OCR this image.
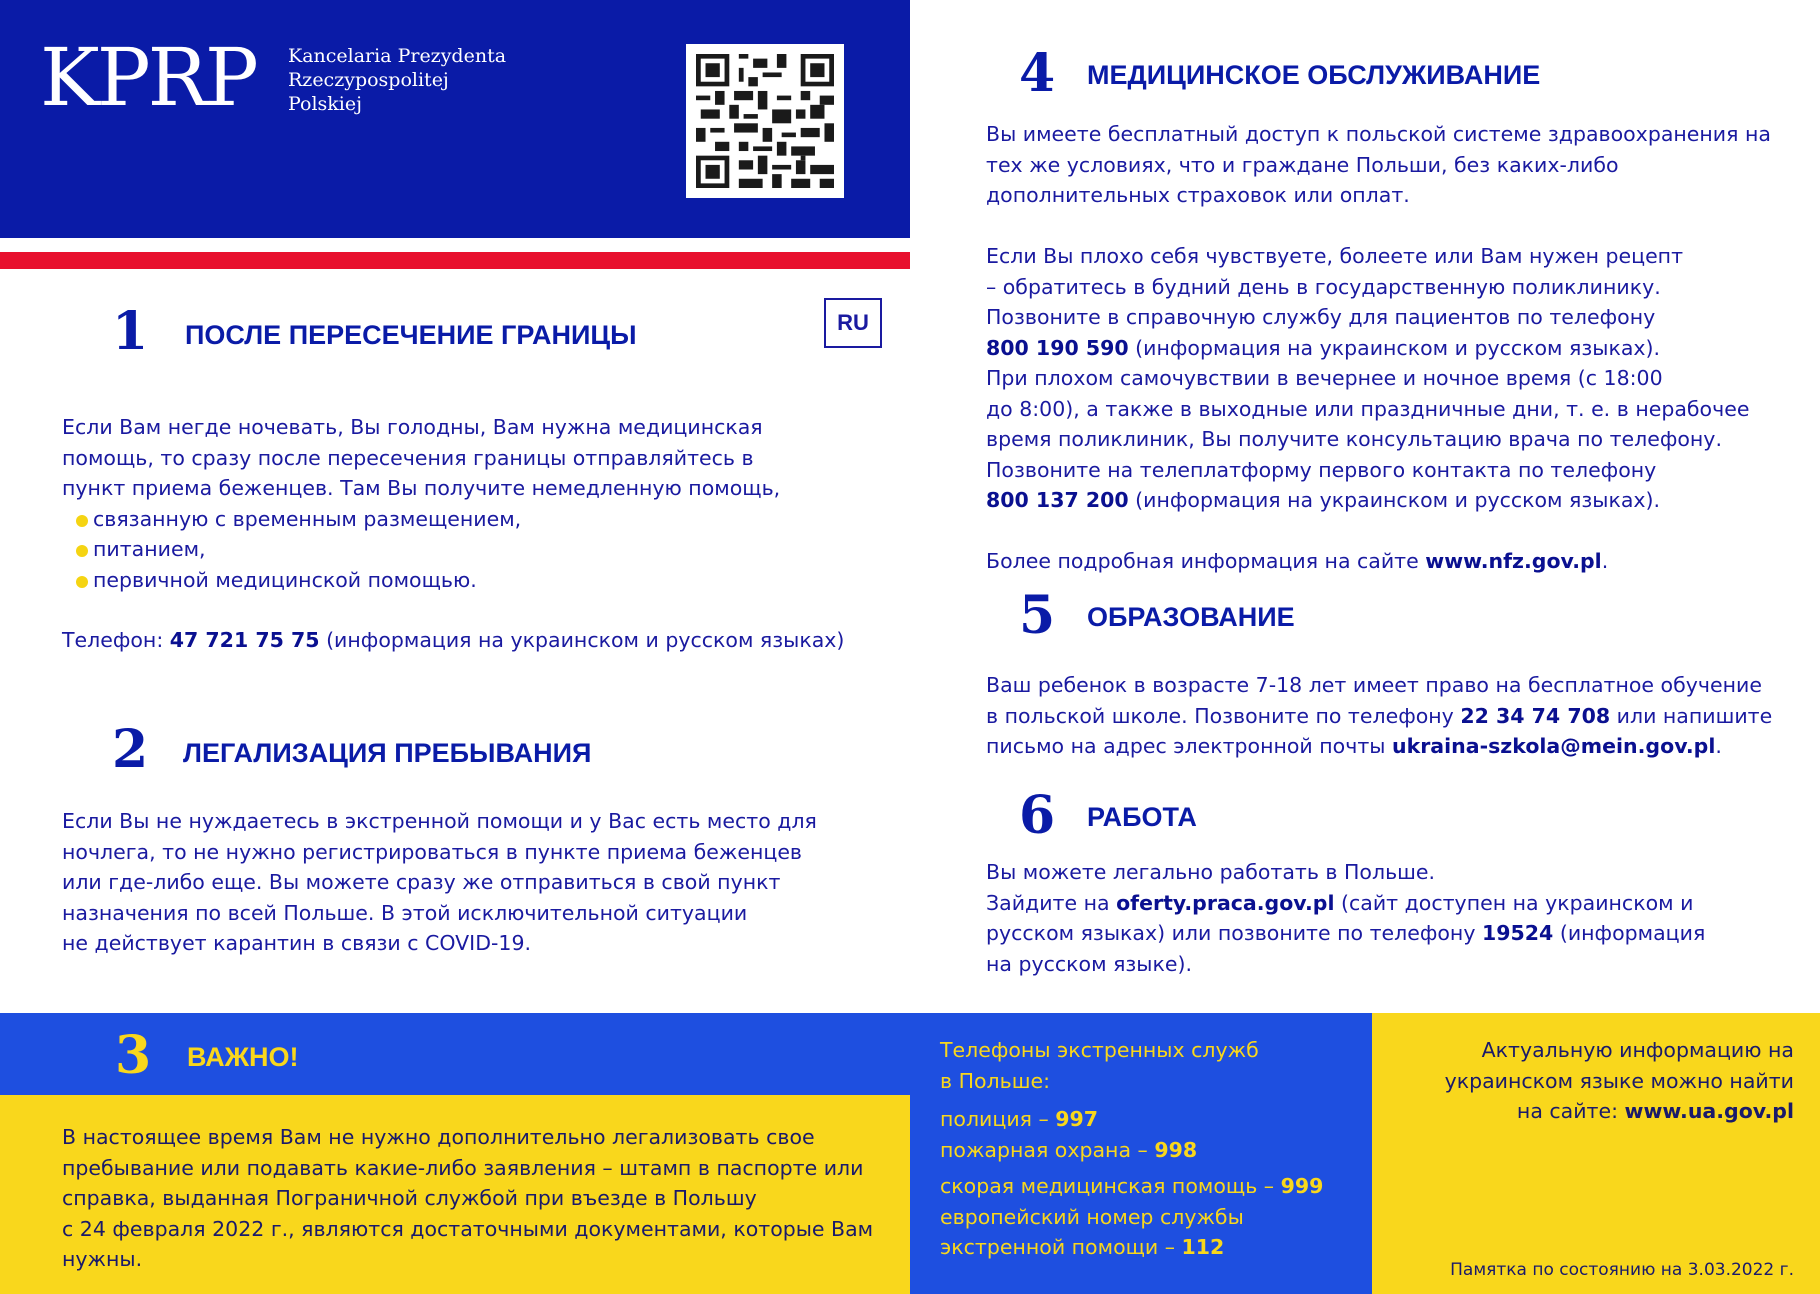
KPRP Kancelaria Prezydenta
Rzeczypospolitej
Polskiej
1 ПОСЛЕ ПЕРЕСЕЧЕНИЕ ГРАНИЦЫ	RU
Если Вам негде ночевать, Вы голодны, Вам нужна медицинская
помощь, то сразу после пересечения границы отправляйтесь в
пункт приема беженцев. Там Вы получите немедленную помощь,
связанную с временным размещением,
питанием,
первичной медицинской помощью.
Телефон: 47 721 75 75 (информация на украинском и русском языках)
2 ЛЕГАЛИЗАЦИЯ ПРЕБЫВАНИЯ
Если Вы не нуждаетесь в экстренной помощи и у Вас есть место для
ночлега, то не нужно регистрироваться в пункте приема беженцев
или где-либо еще. Вы можете сразу же отправиться в свой пункт
назначения по всей Польше. В этой исключительной ситуации
не действует карантин в связи с COVID-19.
3 ВАЖНО!
В настоящее время Вам не нужно дополнительно легализовать свое
пребывание или подавать какие-либо заявления – штамп в паспорте или
справка, выданная Пограничной службой при въезде в Польшу
с 24 февраля 2022 г., являются достаточными документами, которые Вам
нужны.
4 МЕДИЦИНСКОЕ ОБСЛУЖИВАНИЕ
Вы имеете бесплатный доступ к польской системе здравоохранения на
тех же условиях, что и граждане Польши, без каких-либо
дополнительных страховок или оплат.
Если Вы плохо себя чувствуете, болеете или Вам нужен рецепт
– обратитесь в будний день в государственную поликлинику.
Позвоните в справочную службу для пациентов по телефону
800 190 590 (информация на украинском и русском языках).
При плохом самочувствии в вечернее и ночное время (с 18:00
до 8:00), а также в выходные или праздничные дни, т. е. в нерабочее
время поликлиник, Вы получите консультацию врача по телефону.
Позвоните на телеплатформу первого контакта по телефону
800 137 200 (информация на украинском и русском языках).
Более подробная информация на сайте www.nfz.gov.pl.
5 ОБРАЗОВАНИЕ
Ваш ребенок в возрасте 7-18 лет имеет право на бесплатное обучение
в польской школе. Позвоните по телефону 22 34 74 708 или напишите
письмо на адрес электронной почты ukraina-szkola@mein.gov.pl.
6 РАБОТА
Вы можете легально работать в Польше.
Зайдите на oferty.praca.gov.pl (сайт доступен на украинском и
русском языках) или позвоните по телефону 19524 (информация
на русском языке).
Телефоны экстренных служб
в Польше:
полиция – 997
пожарная охрана – 998
скорая медицинская помощь – 999
европейский номер службы
экстренной помощи – 112
Актуальную информацию на
украинском языке можно найти
на сайте: www.ua.gov.pl
Памятка по состоянию на 3.03.2022 г.
